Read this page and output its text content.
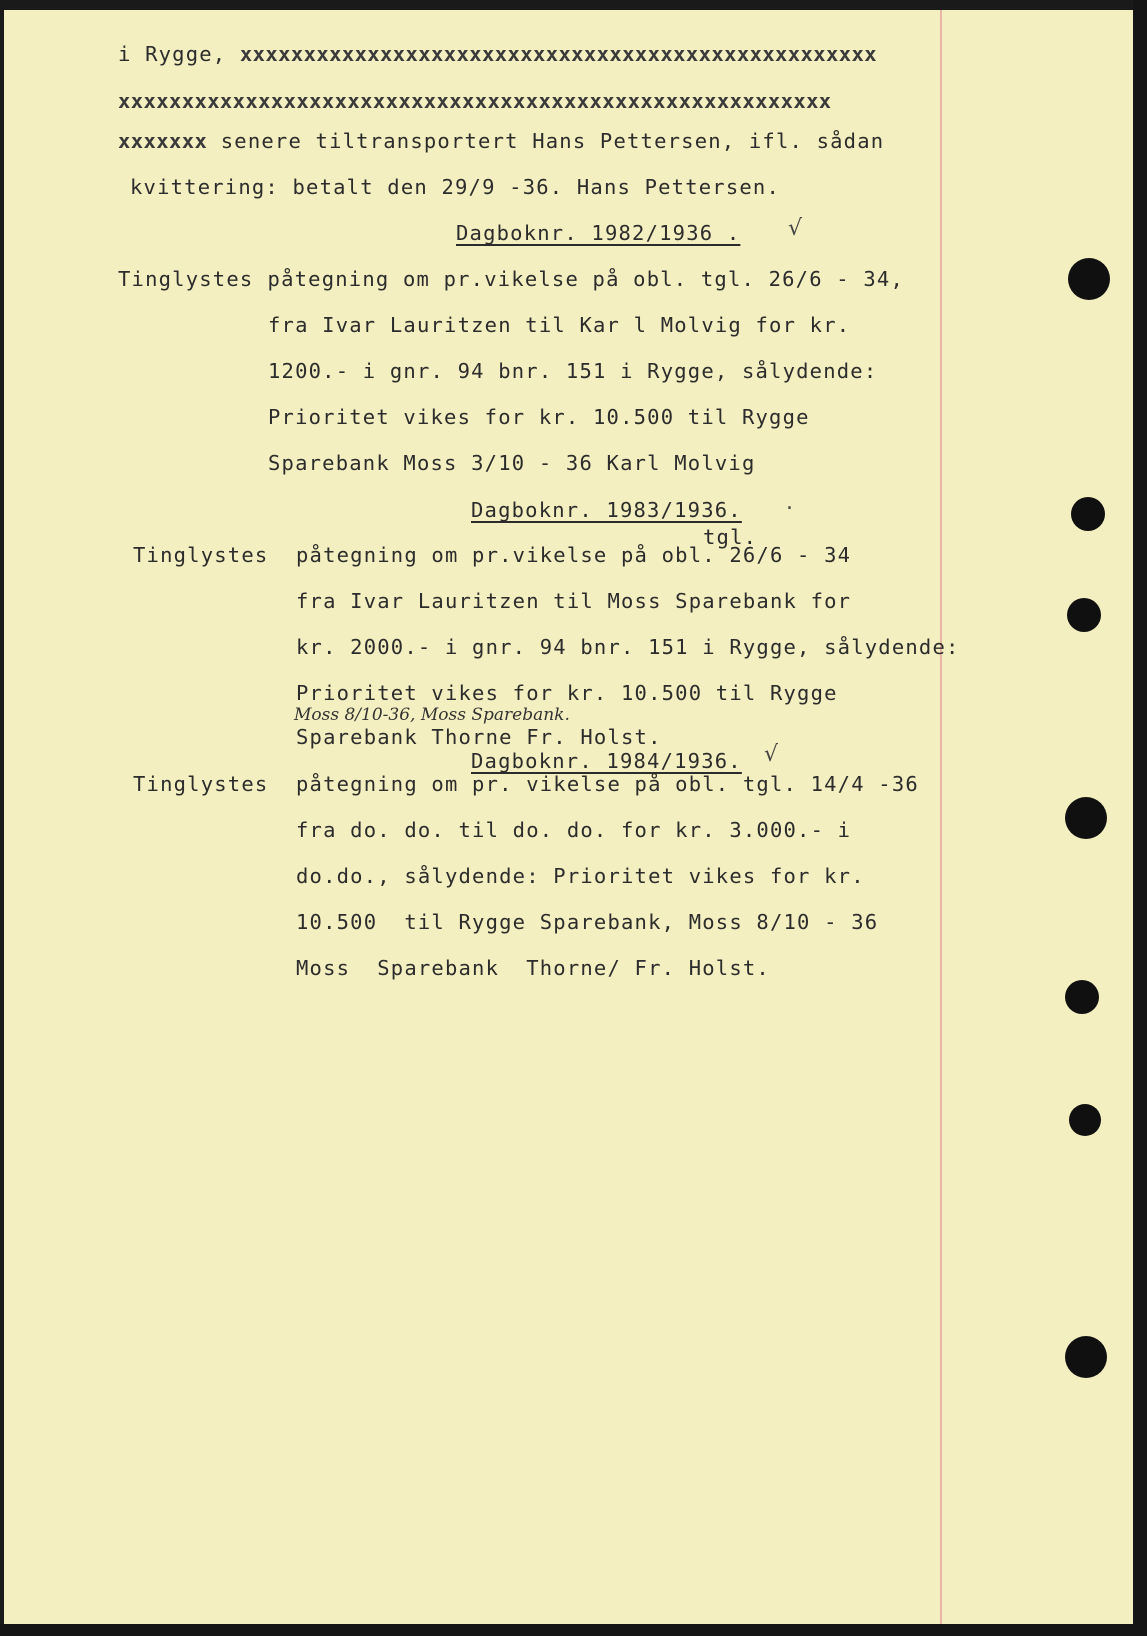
i Rygge, xxxxxxxxxxxxxxxxxxxxxxxxxxxxxxxxxxxxxxxxxxxxxxxxxx
xxxxxxxxxxxxxxxxxxxxxxxxxxxxxxxxxxxxxxxxxxxxxxxxxxxxxxxx
xxxxxxx senere tiltransportert Hans Pettersen, ifl. sådan
kvittering: betalt den 29/9 -36. Hans Pettersen.
Dagboknr. 1982/1936 . √
Tinglystes påtegning om pr.vikelse på obl. tgl. 26/6 - 34,
fra Ivar Lauritzen til Kar l Molvig for kr.
1200.- i gnr. 94 bnr. 151 i Rygge, sålydende:
Prioritet vikes for kr. 10.500 til Rygge
Sparebank Moss 3/10 - 36 Karl Molvig
Dagboknr. 1983/1936. .
tgl.
Tinglystes påtegning om pr.vikelse på obl. 26/6 - 34
fra Ivar Lauritzen til Moss Sparebank for
kr. 2000.- i gnr. 94 bnr. 151 i Rygge, sålydende:
Prioritet vikes for kr. 10.500 til Rygge
Moss 8/10-36, Moss Sparebank.
Sparebank Thorne Fr. Holst.
Dagboknr. 1984/1936. √
Tinglystes påtegning om pr. vikelse på obl. tgl. 14/4 -36
fra do. do. til do. do. for kr. 3.000.- i
do.do., sålydende: Prioritet vikes for kr.
10.500  til Rygge Sparebank, Moss 8/10 - 36
Moss  Sparebank  Thorne/ Fr. Holst.
